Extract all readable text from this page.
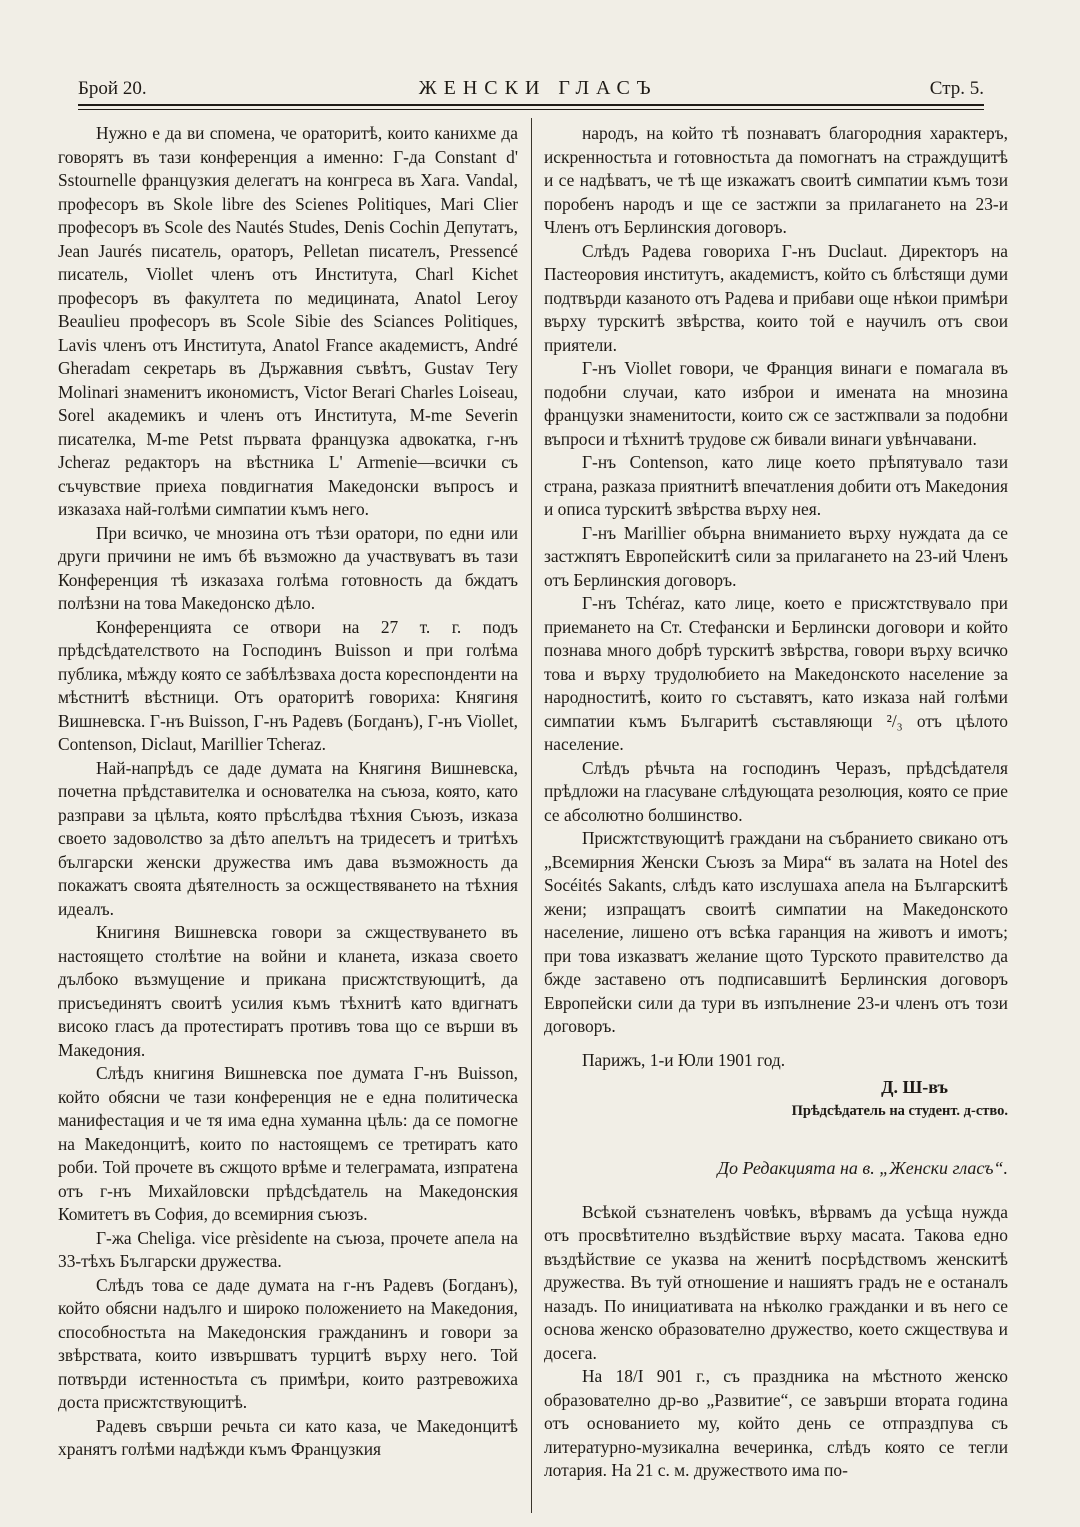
Брой 20.	ЖЕНСКИ ГЛАСЪ	Стр. 5.

Нужно е да ви спомена, че ораторитѣ, които канихме да говорятъ въ тази конференция а именно: Г-да Constant d' Sstournelle французкия делегатъ на конгреса въ Хага. Vandal, професоръ въ Skole libre des Scienes Politiques, Mari Clier професоръ въ Scole des Nautés Studes, Denis Cochin Депутатъ, Jean Jaurés писатель, ораторъ, Pelletan писателъ, Pressencé писатель, Viollet членъ отъ Института, Charl Kichet професоръ въ факултета по медицината, Anatol Leroy Beaulieu професоръ въ Scole Sibie des Sciances Politiques, Lavis членъ отъ Института, Anatol France академистъ, André Gheradam секретарь въ Държавния съвѣтъ, Gustav Tery Molinari знаменитъ икономистъ, Victor Berari Charles Loiseau, Sorel академикъ и членъ отъ Института, M-me Severin писателка, M-me Petst първата французка адвокатка, г-нъ Jcheraz редакторъ на вѣстника L' Armenie—всички съ съчувствие приеха повдигнатия Македонски въпросъ и изказаха най-голѣми симпатии къмъ него.

При всичко, че мнозина отъ тѣзи оратори, по едни или други причини не имъ бѣ възможно да участвуватъ въ тази Конференция тѣ изказаха голѣма готовность да бждатъ полѣзни на това Македонско дѣло.

Конференцията се отвори на 27 т. г. подъ прѣдсѣдателството на Господинъ Buisson и при голѣма публика, мѣжду която се забѣлѣзваха доста кореспонденти на мѣстнитѣ вѣстници. Отъ ораторитѣ говориха: Княгиня Вишневска. Г-нъ Buisson, Г-нъ Радевъ (Богданъ), Г-нъ Viollet, Contenson, Diclaut, Marillier Tcheraz.

Най-напрѣдъ се даде думата на Княгиня Вишневска, почетна прѣдставителка и основателка на съюза, която, като разправи за цѣльта, която прѣслѣдва тѣхния Съюзъ, изказа своето задоволство за дѣто апелътъ на тридесетъ и тритѣхъ български женски дружества имъ дава възможность да покажатъ своята дѣятелность за осжществяването на тѣхния идеалъ.

Книгиня Вишневска говори за сжществуването въ настоящето столѣтие на войни и кланета, изказа своето дълбоко възмущение и прикана присжтствующитѣ, да присъединятъ своитѣ усилия къмъ тѣхнитѣ като вдигнатъ високо гласъ да протестиратъ противъ това що се върши въ Македония.

Слѣдъ книгиня Вишневска пое думата Г-нъ Buisson, който обясни че тази конференция не е една политическа манифестация и че тя има една хуманна цѣль: да се помогне на Македонцитѣ, които по настоящемъ се третиратъ като роби. Той прочете въ сжщото врѣме и телеграмата, изпратена отъ г-нъ Михайловски прѣдсѣдатель на Македонския Комитетъ въ София, до всемирния съюзъ.

Г-жа Cheliga. vice prèsidente на съюза, прочете апела на 33-тѣхъ Български дружества.

Слѣдъ това се даде думата на г-нъ Радевъ (Богданъ), който обясни надълго и широко положението на Македония, способностьта на Македонския гражданинъ и говори за звѣрствата, които извършватъ турцитѣ върху него. Той потвърди истенностьта съ примѣри, които разтревожиха доста присжтствующитѣ.

Радевъ свърши речьта си като каза, че Македонцитѣ хранятъ голѣми надѣжди къмъ Французкия

народъ, на който тѣ познаватъ благородния характеръ, искренностьта и готовностьта да помогнатъ на страждущитѣ и се надѣватъ, че тѣ ще изкажатъ своитѣ симпатии къмъ този поробенъ народъ и ще се застжпи за прилагането на 23-и Членъ отъ Берлинския договоръ.

Слѣдъ Радева говориха Г-нъ Duclaut. Директоръ на Пастеоровия институтъ, академистъ, който съ блѣстящи думи подтвърди казаното отъ Радева и прибави още нѣкои примѣри върху турскитѣ звѣрства, които той е научилъ отъ свои приятели.

Г-нъ Viollet говори, че Франция винаги е помагала въ подобни случаи, като изброи и имената на мнозина французки знаменитости, които сж се застжпвали за подобни въпроси и тѣхнитѣ трудове сж бивали винаги увѣнчавани.

Г-нъ Contenson, като лице което прѣпятувало тази страна, разказа приятнитѣ впечатления добити отъ Македония и описа турскитѣ звѣрства върху нея.

Г-нъ Marillier обърна вниманието върху нуждата да се застжпятъ Европейскитѣ сили за прилагането на 23-ий Членъ отъ Берлинския договоръ.

Г-нъ Tchéraz, като лице, което е присжтствувало при приемането на Ст. Стефански и Берлински договори и който познава много добрѣ турскитѣ звѣрства, говори върху всичко това и върху трудолюбието на Македонското население за народноститѣ, които го съставятъ, като изказа най голѣми симпатии къмъ Българитѣ съставляющи ²/₃ отъ цѣлото население.

Слѣдъ рѣчьта на господинъ Черазъ, прѣдсѣдателя прѣдложи на гласуване слѣдующата резолюция, която се прие се абсолютно болшинство.

Присжтствующитѣ граждани на събранието свикано отъ „Всемирния Женски Съюзъ за Мира“ въ залата на Hotel des Socéités Sakants, слѣдъ като изслушаха апела на Българскитѣ жени; изпращатъ своитѣ симпатии на Македонското население, лишено отъ всѣка гаранция на животъ и имотъ; при това изказватъ желание щото Турското правителство да бжде заставено отъ подписавшитѣ Берлинския договоръ Европейски сили да тури въ изпълнение 23-и членъ отъ този договоръ.

Парижъ, 1-и Юли 1901 год.

Д. Ш-въ

Прѣдсѣдатель на студент. д-ство.

До Редакцията на в. „Женски гласъ“.

Всѣкой съзнателенъ човѣкъ, вѣрвамъ да усѣща нужда отъ просвѣтително въздѣйствие върху масата. Такова едно въздѣйствие се указва на женитѣ посрѣдствомъ женскитѣ дружества. Въ туй отношение и нашиятъ градъ не е останалъ назадъ. По инициативата на нѣколко гражданки и въ него се основа женско образователно дружество, което сжществува и досега.

На 18/I 901 г., съ праздника на мѣстното женско образователно др-во „Развитие“, се завърши втората година отъ основанието му, който день се отпраздпува съ литературно-музикална вечеринка, слѣдъ която се тегли лотария. На 21 с. м. дружеството има по-
